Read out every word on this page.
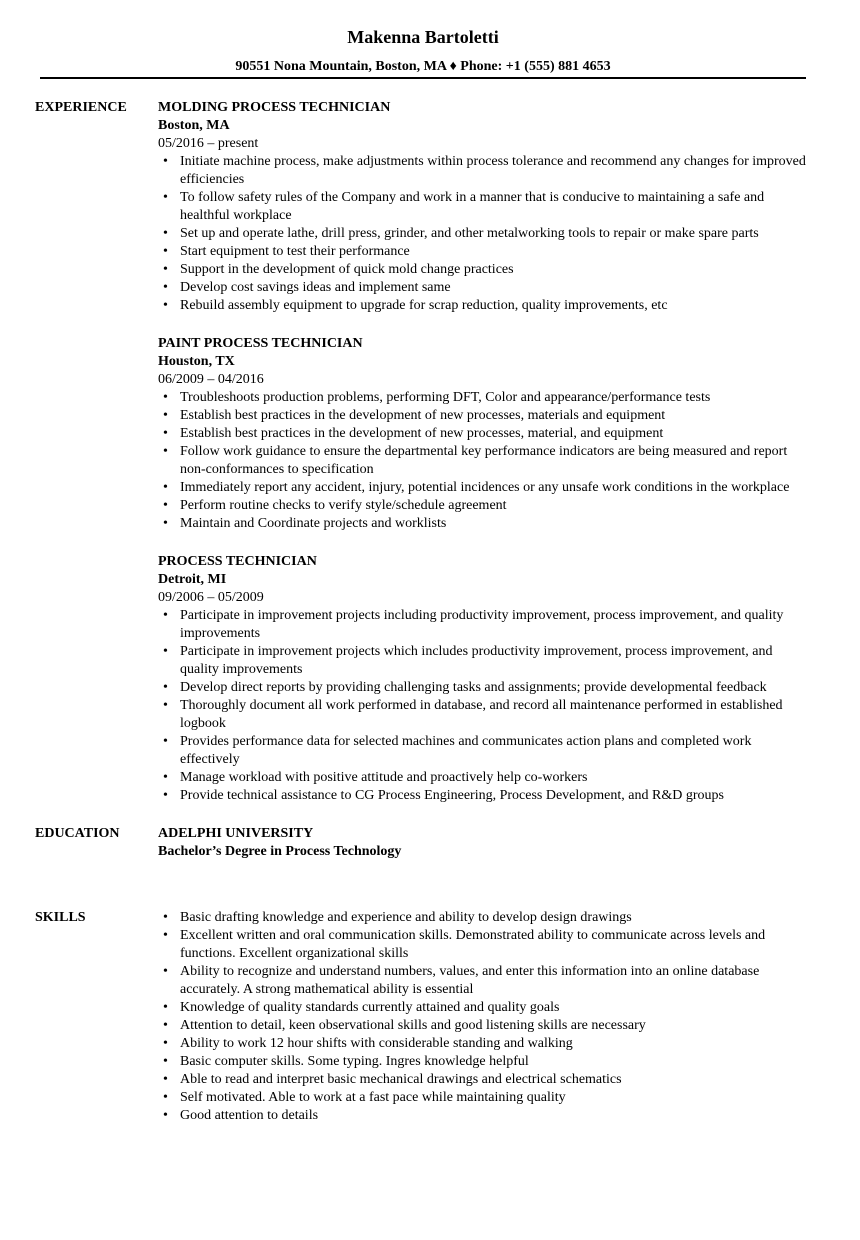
Makenna Bartoletti
90551 Nona Mountain, Boston, MA ♦ Phone: +1 (555) 881 4653
EXPERIENCE MOLDING PROCESS TECHNICIAN
Boston, MA
05/2016 – present
• Initiate machine process, make adjustments within process tolerance and recommend any changes for improved efficiencies
• To follow safety rules of the Company and work in a manner that is conducive to maintaining a safe and healthful workplace
• Set up and operate lathe, drill press, grinder, and other metalworking tools to repair or make spare parts
• Start equipment to test their performance
• Support in the development of quick mold change practices
• Develop cost savings ideas and implement same
• Rebuild assembly equipment to upgrade for scrap reduction, quality improvements, etc
PAINT PROCESS TECHNICIAN
Houston, TX
06/2009 – 04/2016
• Troubleshoots production problems, performing DFT, Color and appearance/performance tests
• Establish best practices in the development of new processes, materials and equipment
• Establish best practices in the development of new processes, material, and equipment
• Follow work guidance to ensure the departmental key performance indicators are being measured and report non-conformances to specification
• Immediately report any accident, injury, potential incidences or any unsafe work conditions in the workplace
• Perform routine checks to verify style/schedule agreement
• Maintain and Coordinate projects and worklists
PROCESS TECHNICIAN
Detroit, MI
09/2006 – 05/2009
• Participate in improvement projects including productivity improvement, process improvement, and quality improvements
• Participate in improvement projects which includes productivity improvement, process improvement, and quality improvements
• Develop direct reports by providing challenging tasks and assignments; provide developmental feedback
• Thoroughly document all work performed in database, and record all maintenance performed in established logbook
• Provides performance data for selected machines and communicates action plans and completed work effectively
• Manage workload with positive attitude and proactively help co-workers
• Provide technical assistance to CG Process Engineering, Process Development, and R&D groups
EDUCATION	ADELPHI UNIVERSITY
Bachelor’s Degree in Process Technology
SKILLS
•	Basic drafting knowledge and experience and ability to develop design drawings
• Excellent written and oral communication skills. Demonstrated ability to communicate across levels and functions. Excellent organizational skills
• Ability to recognize and understand numbers, values, and enter this information into an online database accurately. A strong mathematical ability is essential
• Knowledge of quality standards currently attained and quality goals
• Attention to detail, keen observational skills and good listening skills are necessary
• Ability to work 12 hour shifts with considerable standing and walking
• Basic computer skills. Some typing. Ingres knowledge helpful
• Able to read and interpret basic mechanical drawings and electrical schematics
• Self motivated. Able to work at a fast pace while maintaining quality
• Good attention to details
